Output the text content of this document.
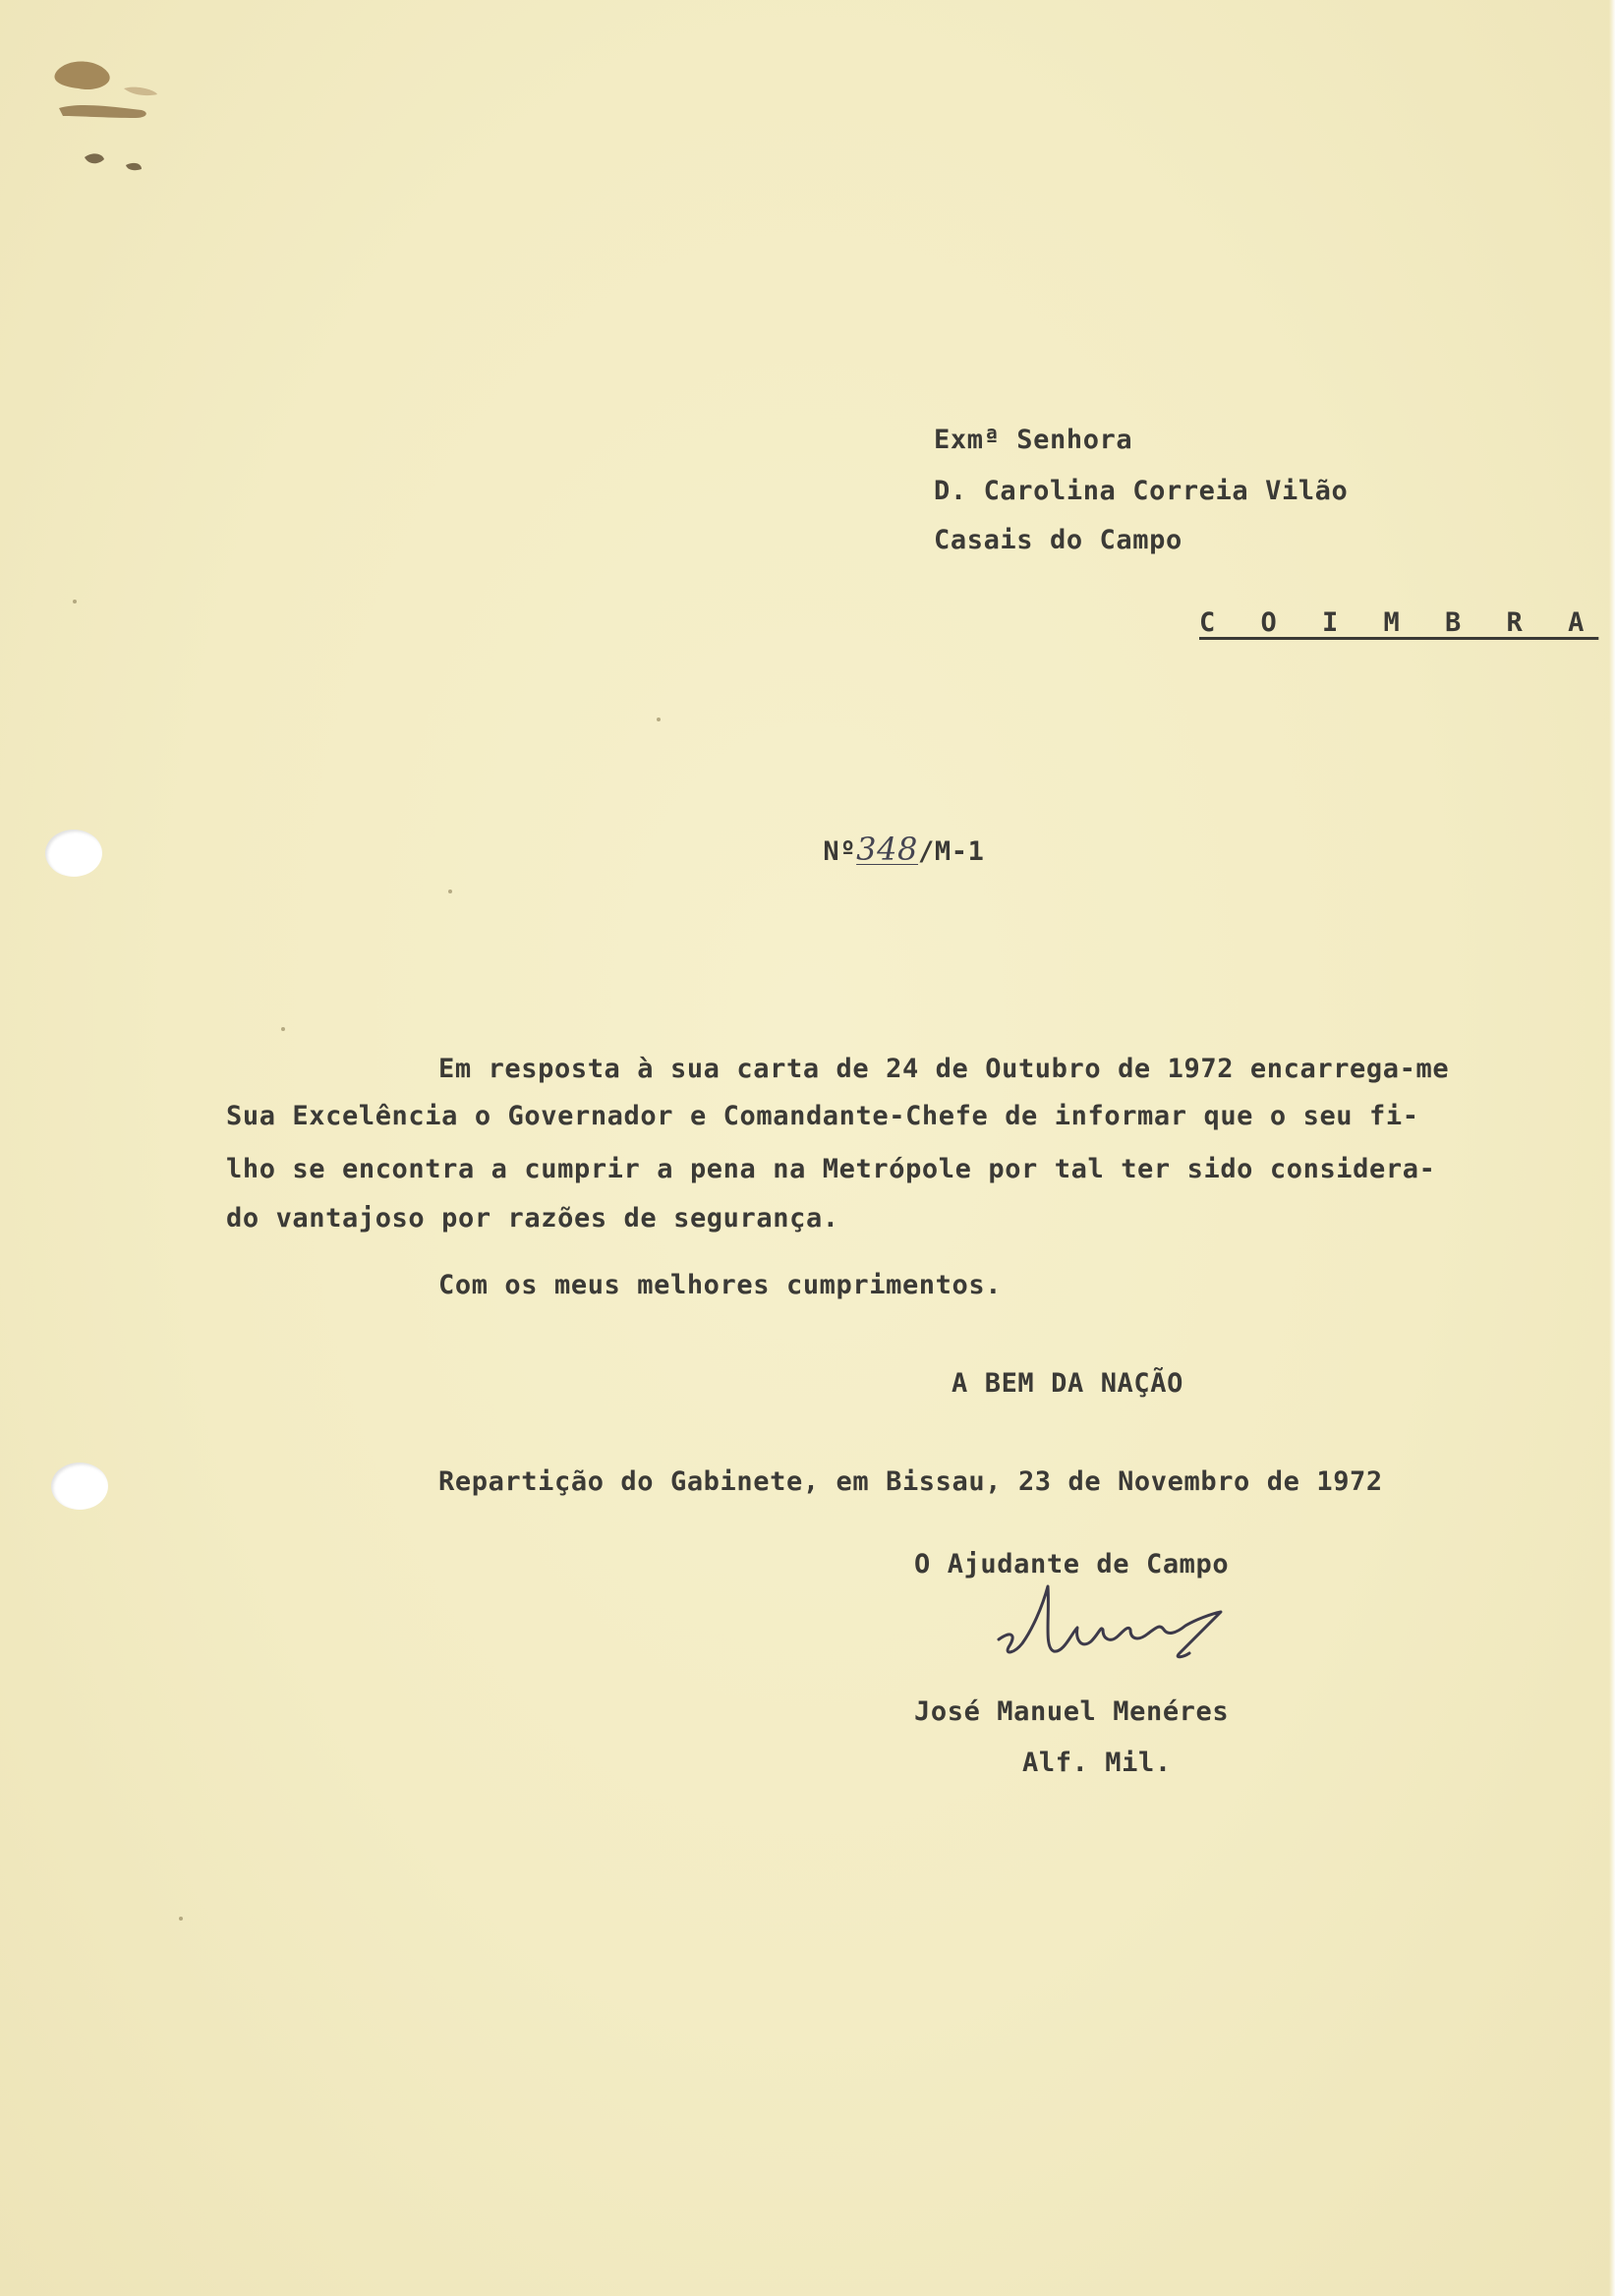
Exmª Senhora
D. Carolina Correia Vilão
Casais do Campo
C O I M B R A

Nº348/M-1

Em resposta à sua carta de 24 de Outubro de 1972 encarrega-me
Sua Excelência o Governador e Comandante-Chefe de informar que o seu fi-
lho se encontra a cumprir a pena na Metrópole por tal ter sido considera-
do vantajoso por razões de segurança.
Com os meus melhores cumprimentos.
A BEM DA NAÇÃO
Repartição do Gabinete, em Bissau, 23 de Novembro de 1972
O Ajudante de Campo
José Manuel Menéres
Alf. Mil.
